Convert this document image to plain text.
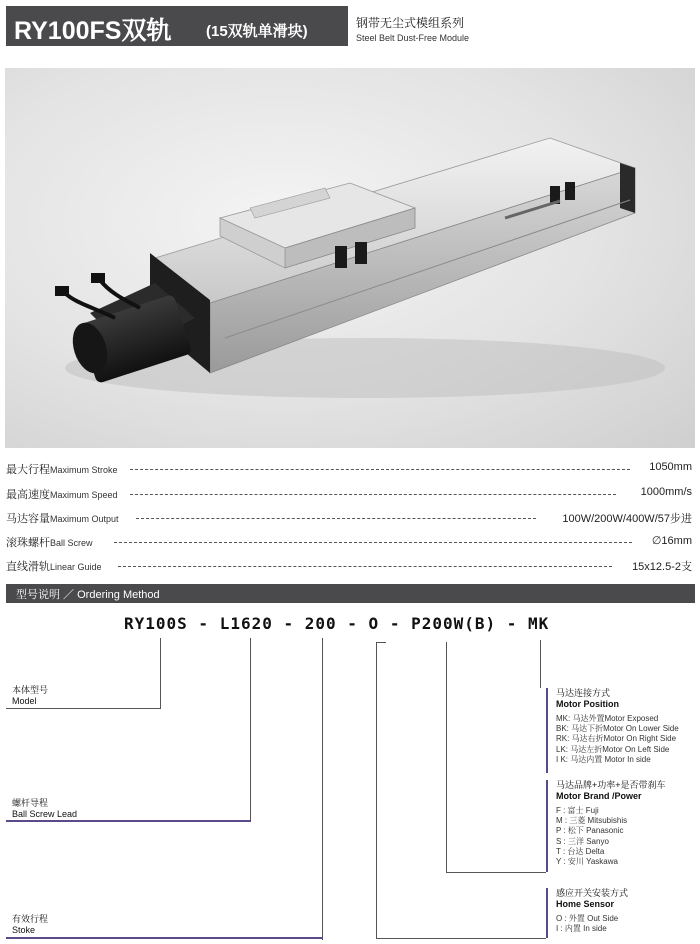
RY100FS双轨 (15双轨单滑块)	钢带无尘式模组系列
Steel Belt Dust-Free Module
最大行程Maximum Stroke	1050mm
最高速度Maximum Speed	1000mm/s
马达容量Maximum Output	100W/200W/400W/57步进
滚珠螺杆Ball Screw	∅16mm
直线滑轨Linear Guide	15x12.5-2支
型号说明 ／ Ordering Method
RY100S - L1620 - 200 - O - P200W(B) - MK
本体型号
Model
螺杆导程
Ball Screw Lead
有效行程
Stoke
马达连接方式
Motor Position
MK: 马达外置Motor Exposed
BK: 马达下折Motor On Lower Side
RK: 马达右折Motor On Right Side
LK: 马达左折Motor On Left Side
I K: 马达内置 Motor In side
马达品牌+功率+是否带刹车
Motor Brand /Power
F : 富士 Fuji
M : 三菱 Mitsubishis
P : 松下 Panasonic
S : 三洋 Sanyo
T : 台达 Delta
Y : 安川 Yaskawa
感应开关安装方式
Home Sensor
O : 外置 Out Side
I : 内置 In side
